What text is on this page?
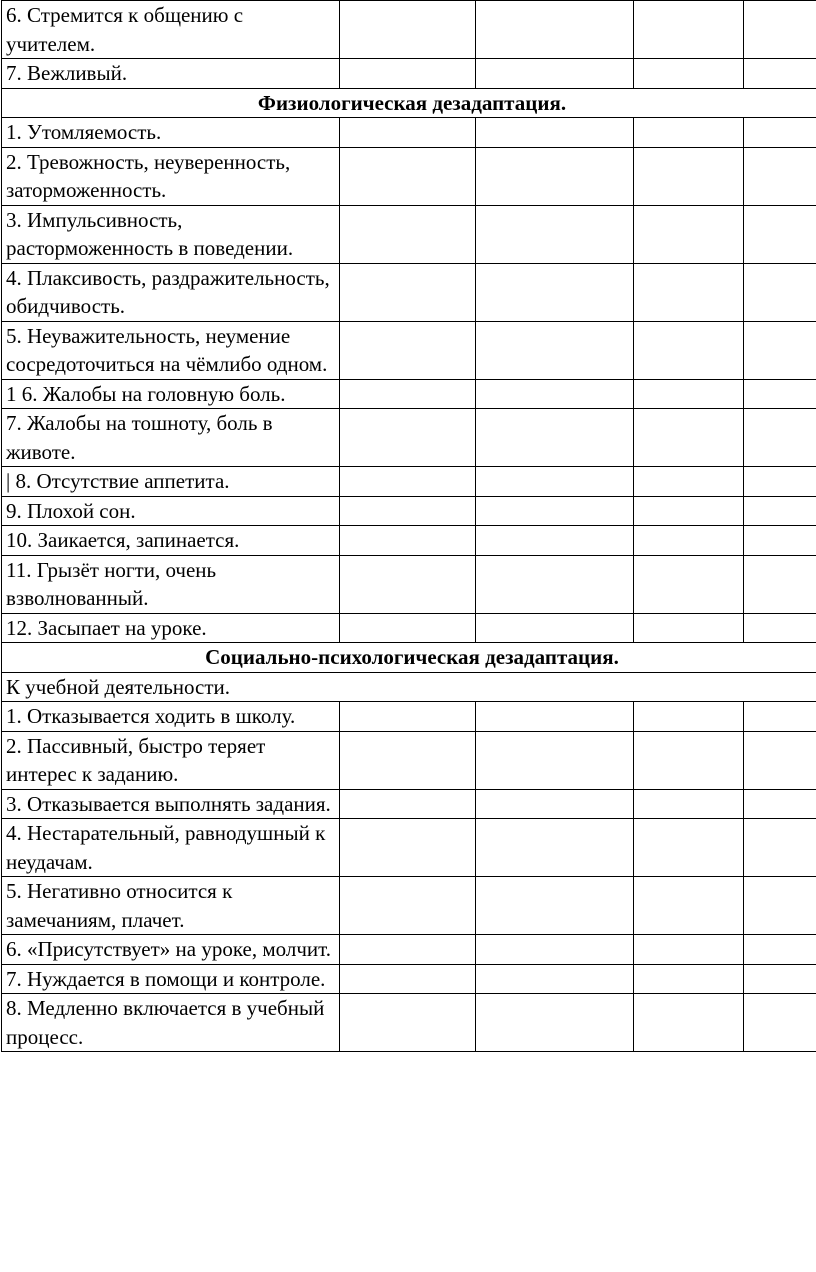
6. Стремится к общению с учителем.				
7. Вежливый.				
Физиологическая дезадаптация.				
1. Утомляемость.				
2. Тревожность, неуверенность, заторможенность.				
3. Импульсивность, расторможенность в поведении.				
4. Плаксивость, раздражительность, обидчивость.				
5. Неуважительность, неумение сосредоточиться на чёмлибо одном.				
1 6. Жалобы на головную боль.				
7. Жалобы на тошноту, боль в животе.				
| 8. Отсутствие аппетита.				
9. Плохой сон.				
10. Заикается, запинается.				
11. Грызёт ногти, очень взволнованный.				
12. Засыпает на уроке.				
Социально-психологическая дезадаптация.				
К учебной деятельности.				
1. Отказывается ходить в школу.				
2. Пассивный, быстро теряет интерес к заданию.				
3. Отказывается выполнять задания.				
4. Нестарательный, равнодушный к неудачам.				
5. Негативно относится к замечаниям, плачет.				
6. «Присутствует» на уроке, молчит.				
7. Нуждается в помощи и контроле.				
8. Медленно включается в учебный процесс.				
